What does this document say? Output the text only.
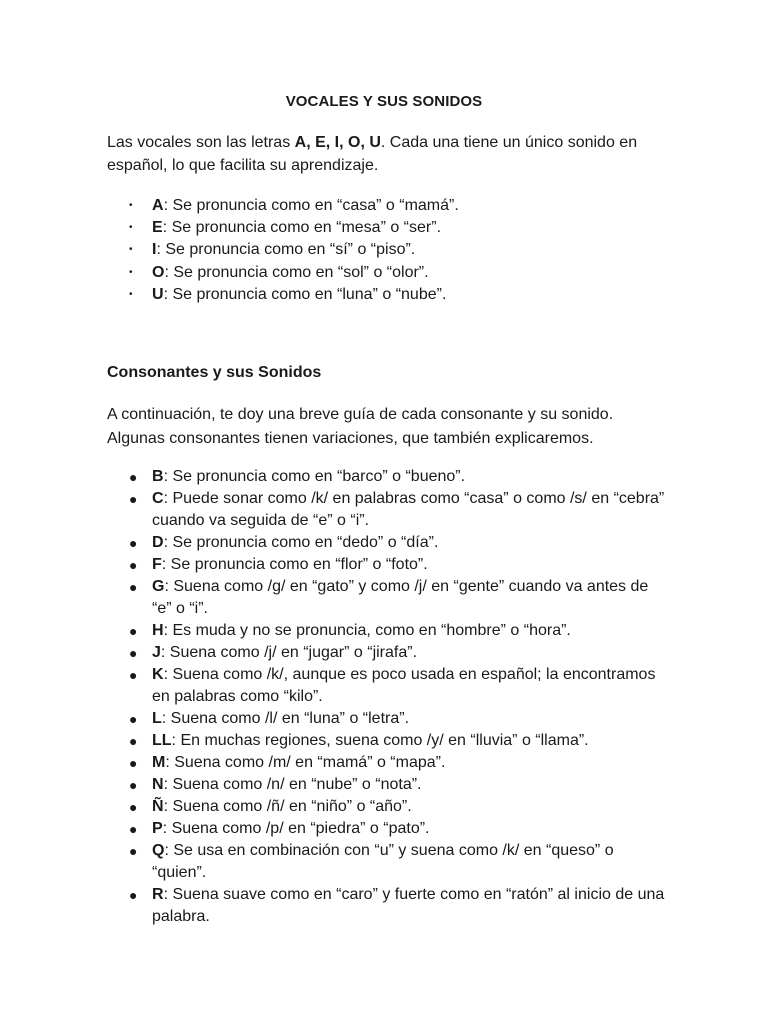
VOCALES Y SUS SONIDOS
Las vocales son las letras A, E, I, O, U. Cada una tiene un único sonido en español, lo que facilita su aprendizaje.
• A: Se pronuncia como en “casa” o “mamá”.
• E: Se pronuncia como en “mesa” o “ser”.
• I: Se pronuncia como en “sí” o “piso”.
• O: Se pronuncia como en “sol” o “olor”.
• U: Se pronuncia como en “luna” o “nube”.
Consonantes y sus Sonidos
A continuación, te doy una breve guía de cada consonante y su sonido. Algunas consonantes tienen variaciones, que también explicaremos.
● B: Se pronuncia como en “barco” o “bueno”.
● C: Puede sonar como /k/ en palabras como “casa” o como /s/ en “cebra” cuando va seguida de “e” o “i”.
● D: Se pronuncia como en “dedo” o “día”.
● F: Se pronuncia como en “flor” o “foto”.
● G: Suena como /g/ en “gato” y como /j/ en “gente” cuando va antes de “e” o “i”.
● H: Es muda y no se pronuncia, como en “hombre” o “hora”.
● J: Suena como /j/ en “jugar” o “jirafa”.
● K: Suena como /k/, aunque es poco usada en español; la encontramos en palabras como “kilo”.
● L: Suena como /l/ en “luna” o “letra”.
● LL: En muchas regiones, suena como /y/ en “lluvia” o “llama”.
● M: Suena como /m/ en “mamá” o “mapa”.
● N: Suena como /n/ en “nube” o “nota”.
● Ñ: Suena como /ñ/ en “niño” o “año”.
● P: Suena como /p/ en “piedra” o “pato”.
● Q: Se usa en combinación con “u” y suena como /k/ en “queso” o “quien”.
● R: Suena suave como en “caro” y fuerte como en “ratón” al inicio de una palabra.
